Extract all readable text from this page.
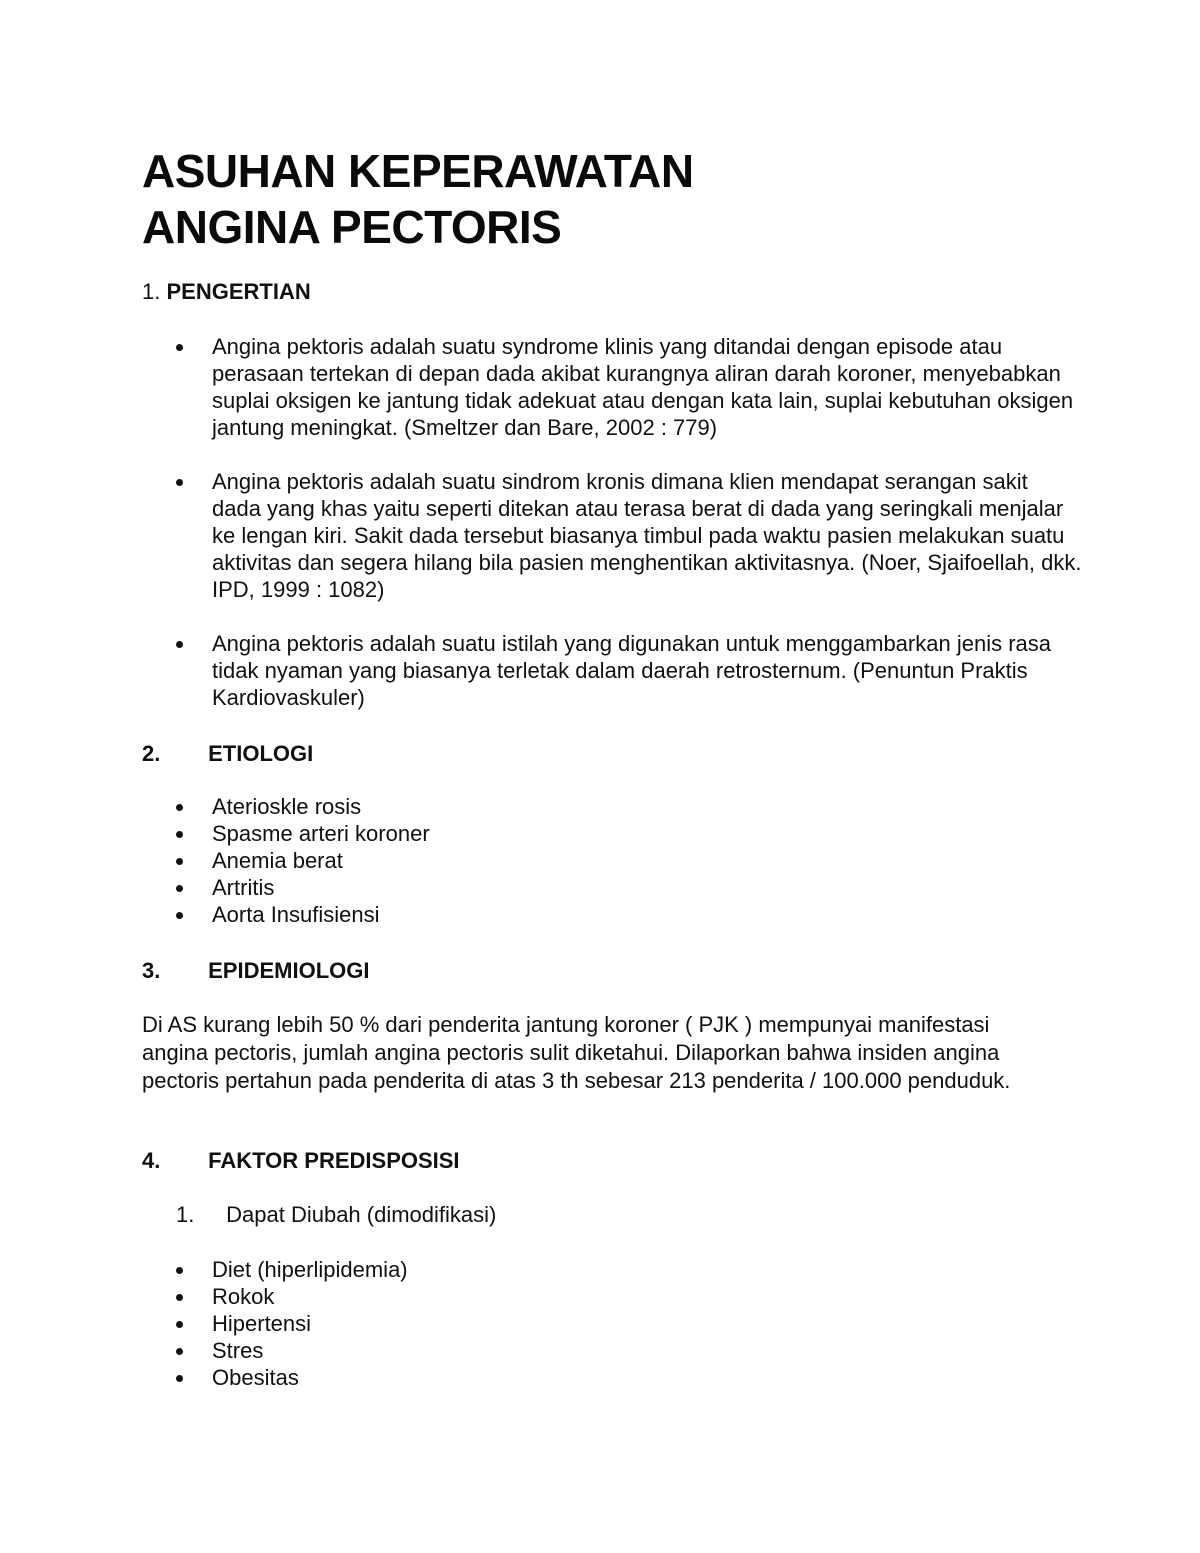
ASUHAN KEPERAWATAN
ANGINA PECTORIS

1. PENGERTIAN

Angina pektoris adalah suatu syndrome klinis yang ditandai dengan episode atau perasaan tertekan di depan dada akibat kurangnya aliran darah koroner, menyebabkan suplai oksigen ke jantung tidak adekuat atau dengan kata lain, suplai kebutuhan oksigen jantung meningkat. (Smeltzer dan Bare, 2002 : 779)
Angina pektoris adalah suatu sindrom kronis dimana klien mendapat serangan sakit dada yang khas yaitu seperti ditekan atau terasa berat di dada yang seringkali menjalar ke lengan kiri. Sakit dada tersebut biasanya timbul pada waktu pasien melakukan suatu aktivitas dan segera hilang bila pasien menghentikan aktivitasnya. (Noer, Sjaifoellah, dkk. IPD, 1999 : 1082)
Angina pektoris adalah suatu istilah yang digunakan untuk menggambarkan jenis rasa tidak nyaman yang biasanya terletak dalam daerah retrosternum. (Penuntun Praktis Kardiovaskuler)

2. ETIOLOGI

Aterioskle rosis
Spasme arteri koroner
Anemia berat
Artritis
Aorta Insufisiensi

3. EPIDEMIOLOGI

Di AS kurang lebih 50 % dari penderita jantung koroner ( PJK ) mempunyai manifestasi angina pectoris, jumlah angina pectoris sulit diketahui. Dilaporkan bahwa insiden angina pectoris pertahun pada penderita di atas 3 th sebesar 213 penderita / 100.000 penduduk.

4. FAKTOR PREDISPOSISI

1. Dapat Diubah (dimodifikasi)

Diet (hiperlipidemia)
Rokok
Hipertensi
Stres
Obesitas
